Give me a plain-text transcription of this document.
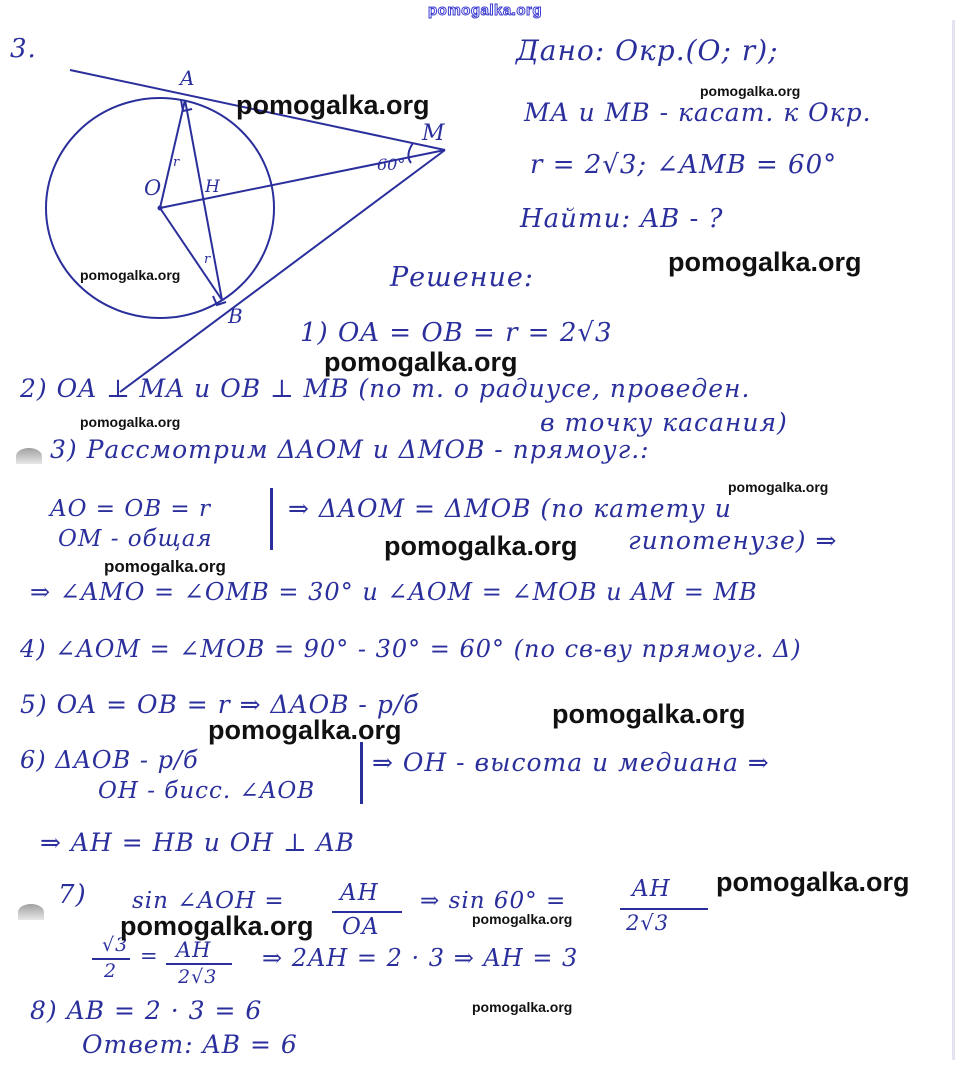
pomogalka.org
A
M
B
O	H
r
r
60°
3.	Дано: Окр.(O; r);
MA и MB - касат. к Окр.
r = 2√3; ∠AMB = 60°
Найти: AB - ?
Решение:
1) OA = OB = r = 2√3
2) OA ⊥ MA и OB ⊥ MB (по т. о радиусе, проведен.
в точку касания)
3) Рассмотрим ΔAOM и ΔMOB - прямоуг.:
AO = OB = r
OM - общая
⇒ ΔAOM = ΔMOB (по катету и
гипотенузе) ⇒
⇒ ∠AMO = ∠OMB = 30° и ∠AOM = ∠MOB и AM = MB
4) ∠AOM = ∠MOB = 90° - 30° = 60° (по св-ву прямоуг. Δ)
5) OA = OB = r ⇒ ΔAOB - р/б
6) ΔAOB - р/б
OH - бисс. ∠AOB
⇒ OH - высота и медиана ⇒
⇒ AH = HB и OH ⊥ AB
7) sin ∠AOH = AH
OA
⇒ sin 60° =	AH
2√3
√3
2
= AH
2√3
⇒ 2AH = 2 · 3 ⇒ AH = 3
8) AB = 2 · 3 = 6
Ответ: AB = 6
pomogalka.org	pomogalka.org
pomogalka.org
pomogalka.org
pomogalka.org
pomogalka.org
pomogalka.org
pomogalka.org
pomogalka.org
pomogalka.org
pomogalka.org
pomogalka.org
pomogalka.org	pomogalka.org
pomogalka.org
